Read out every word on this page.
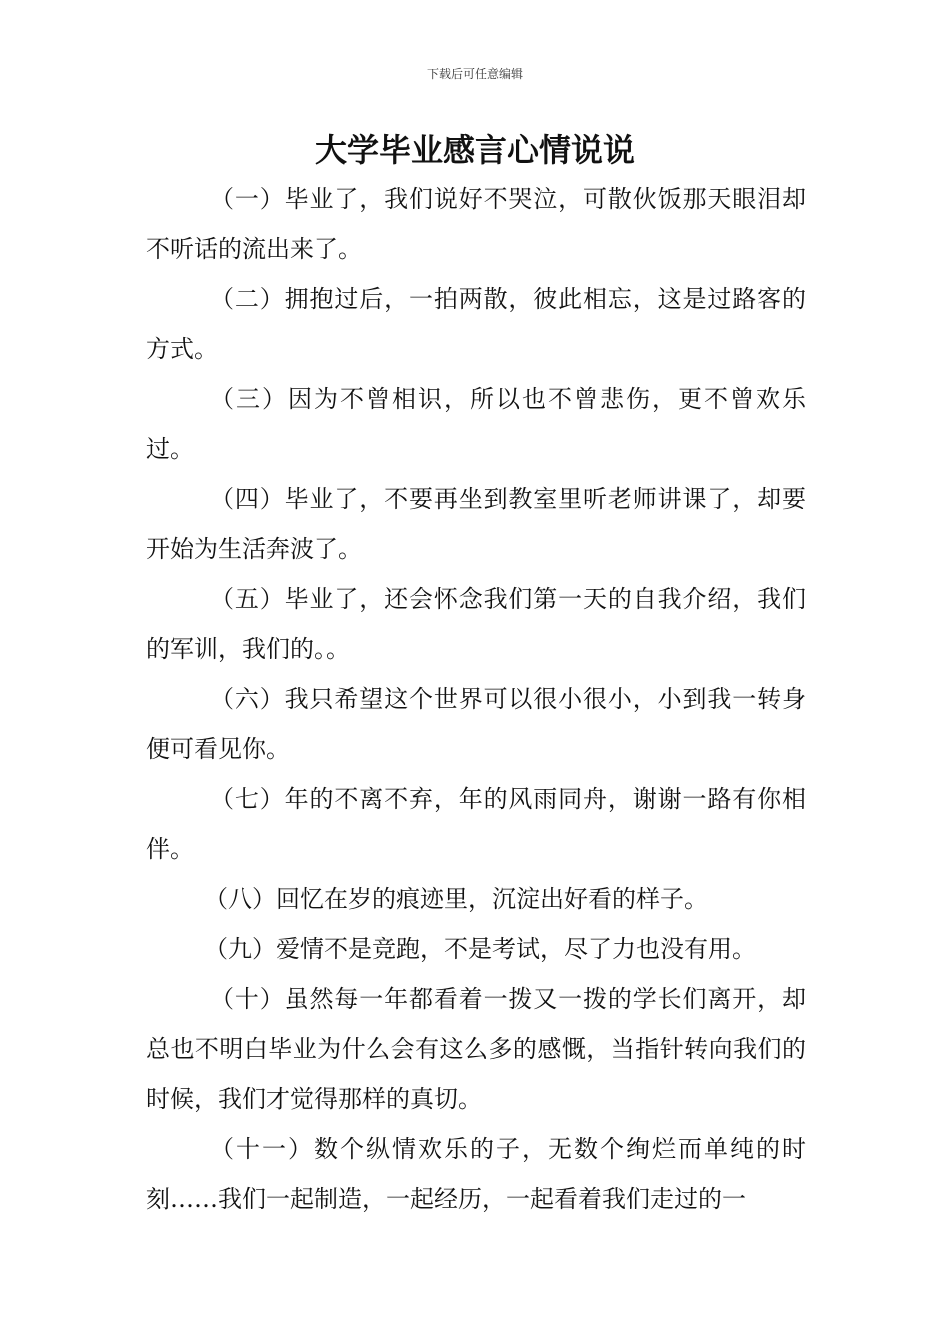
下载后可任意编辑
大学毕业感言心情说说

（一）毕业了，我们说好不哭泣，可散伙饭那天眼泪却不听话的流出来了。

（二）拥抱过后，一拍两散，彼此相忘，这是过路客的方式。

（三）因为不曾相识，所以也不曾悲伤，更不曾欢乐过。

（四）毕业了，不要再坐到教室里听老师讲课了，却要开始为生活奔波了。

（五）毕业了，还会怀念我们第一天的自我介绍，我们的军训，我们的。。

（六）我只希望这个世界可以很小很小，小到我一转身便可看见你。

（七）年的不离不弃，年的风雨同舟，谢谢一路有你相伴。

（八）回忆在岁的痕迹里，沉淀出好看的样子。

（九）爱情不是竞跑，不是考试，尽了力也没有用。

（十）虽然每一年都看着一拨又一拨的学长们离开，却总也不明白毕业为什么会有这么多的感慨，当指针转向我们的时候，我们才觉得那样的真切。

（十一）数个纵情欢乐的子，无数个绚烂而单纯的时刻……我们一起制造，一起经历，一起看着我们走过的一
